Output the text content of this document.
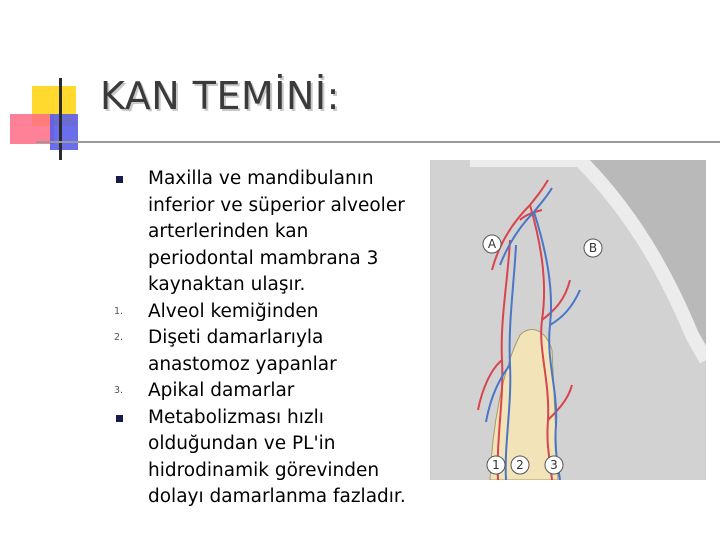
KAN TEMİNİ:
Maxilla ve mandibulanın inferior ve süperior alveoler arterlerinden kan periodontal mambrana 3 kaynaktan ulaşır.
1.	Alveol kemiğinden
2.	Dişeti damarlarıyla anastomoz yapanlar
3.	Apikal damarlar
Metabolizması hızlı olduğundan ve PL'in hidrodinamik görevinden dolayı damarlanma fazladır.
A	B
1 2 3
